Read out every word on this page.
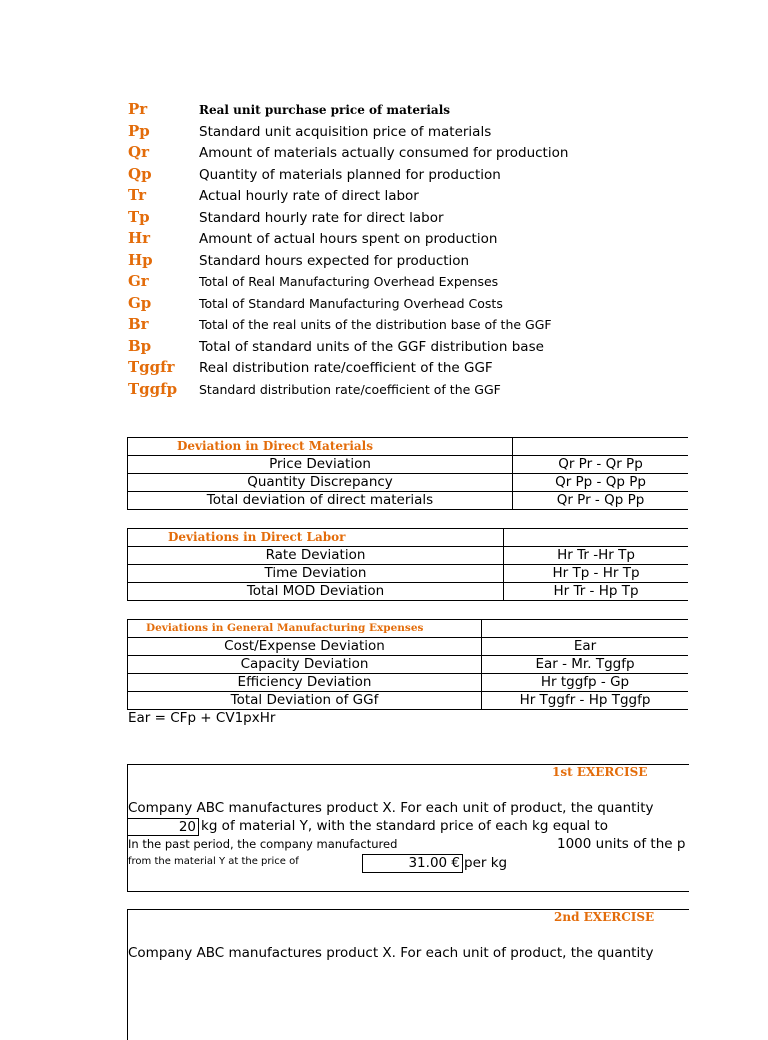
Pr	Real unit purchase price of materials
Pp	Standard unit acquisition price of materials
Qr	Amount of materials actually consumed for production
Qp	Quantity of materials planned for production
Tr	Actual hourly rate of direct labor
Tp	Standard hourly rate for direct labor
Hr	Amount of actual hours spent on production
Hp	Standard hours expected for production
Gr	Total of Real Manufacturing Overhead Expenses
Gp	Total of Standard Manufacturing Overhead Costs
Br	Total of the real units of the distribution base of the GGF
Bp	Total of standard units of the GGF distribution base
Tggfr Real distribution rate/coefficient of the GGF
Tggfp Standard distribution rate/coefficient of the GGF
Deviation in Direct Materials	
Price Deviation	Qr Pr - Qr Pp
Quantity Discrepancy	Qr Pp - Qp Pp
Total deviation of direct materials	Qr Pr - Qp Pp
Deviations in Direct Labor	
Rate Deviation	Hr Tr -Hr Tp
Time Deviation	Hr Tp - Hr Tp
Total MOD Deviation	Hr Tr - Hp Tp
Deviations in General Manufacturing Expenses	
Cost/Expense Deviation	Ear
Capacity Deviation	Ear - Mr. Tggfp
Efficiency Deviation	Hr tggfp - Gp
Total Deviation of GGf	Hr Tggfr - Hp Tggfp
Ear = CFp + CV1pxHr
1st EXERCISE
Company ABC manufactures product X. For each unit of product, the quantity
20 kg of material Y, with the standard price of each kg equal to
In the past period, the company manufactured	1000 units of the p
from the material Y at the price of	31.00 € per kg
2nd EXERCISE
Company ABC manufactures product X. For each unit of product, the quantity
